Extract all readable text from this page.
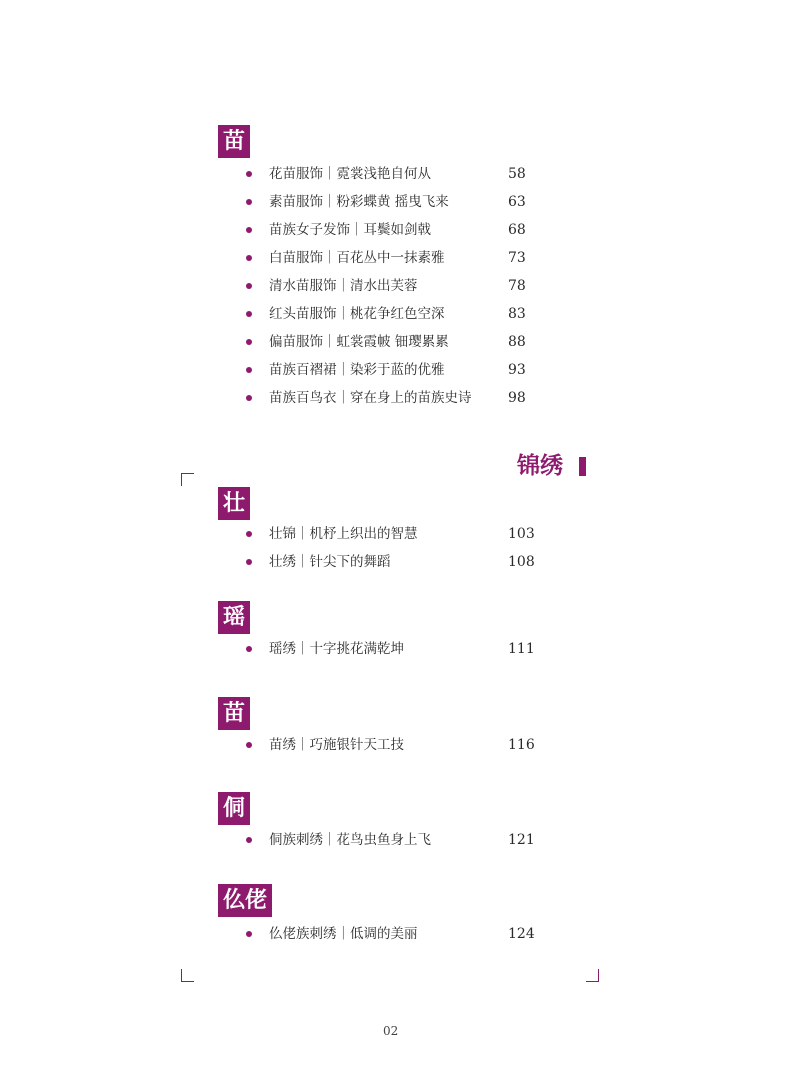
苗
花苗服饰｜霓裳浅艳自何从	58
素苗服饰｜粉彩蝶黄 摇曳飞来	63
苗族女子发饰｜耳鬓如剑戟	68
白苗服饰｜百花丛中一抹素雅	73
清水苗服饰｜清水出芙蓉	78
红头苗服饰｜桃花争红色空深	83
偏苗服饰｜虹裳霞帔 钿璎累累	88
苗族百褶裙｜染彩于蓝的优雅	93
苗族百鸟衣｜穿在身上的苗族史诗	98
锦绣
壮
壮锦｜机杼上织出的智慧	103
壮绣｜针尖下的舞蹈	108
瑶
瑶绣｜十字挑花满乾坤	111
苗
苗绣｜巧施银针天工技	116
侗
侗族刺绣｜花鸟虫鱼身上飞	121
仫佬
仫佬族刺绣｜低调的美丽	124
02
